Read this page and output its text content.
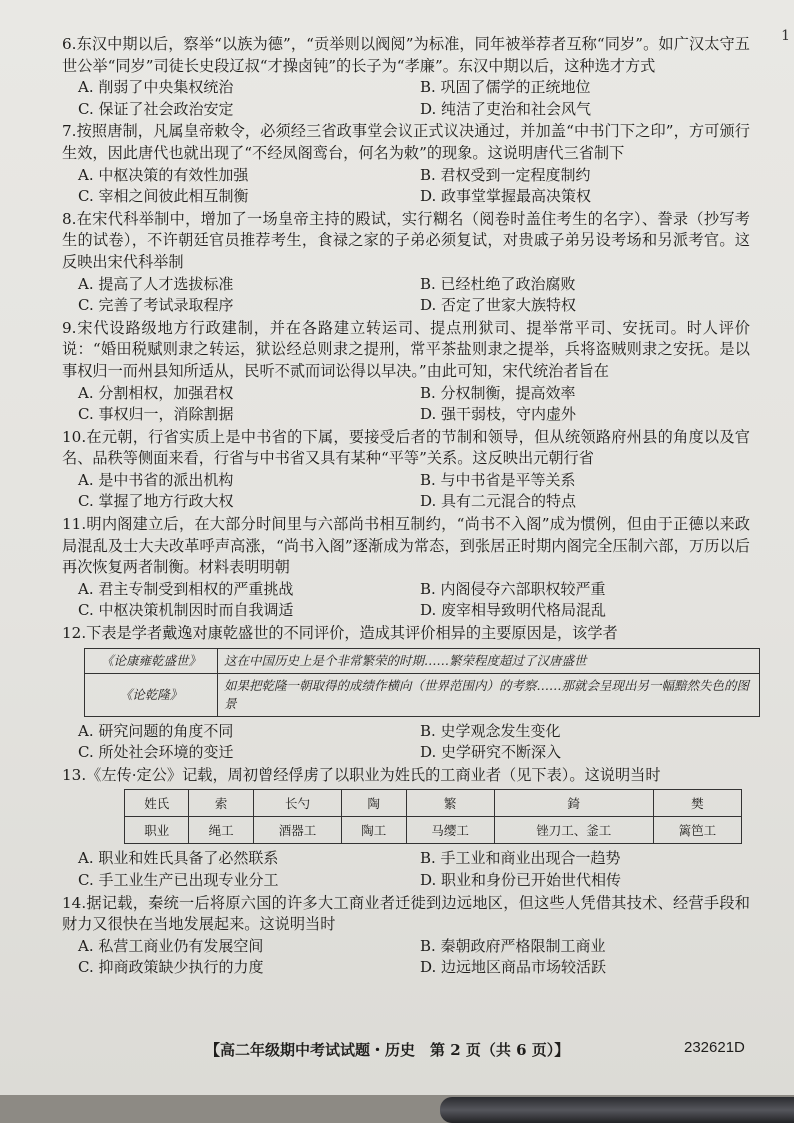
1

6.东汉中期以后，察举“以族为德”，“贡举则以阀阅”为标准，同年被举荐者互称“同岁”。如广汉太守五世公举“同岁”司徒长史段辽叔“才操卤钝”的长子为“孝廉”。东汉中期以后，这种选才方式

A. 削弱了中央集权统治	B. 巩固了儒学的正统地位
C. 保证了社会政治安定	D. 纯洁了吏治和社会风气

7.按照唐制，凡属皇帝敕令，必须经三省政事堂会议正式议决通过，并加盖“中书门下之印”，方可颁行生效，因此唐代也就出现了“不经凤阁鸾台，何名为敕”的现象。这说明唐代三省制下

A. 中枢决策的有效性加强	B. 君权受到一定程度制约
C. 宰相之间彼此相互制衡	D. 政事堂掌握最高决策权

8.在宋代科举制中，增加了一场皇帝主持的殿试，实行糊名（阅卷时盖住考生的名字）、誊录（抄写考生的试卷），不许朝廷官员推荐考生，食禄之家的子弟必须复试，对贵戚子弟另设考场和另派考官。这反映出宋代科举制

A. 提高了人才选拔标准	B. 已经杜绝了政治腐败
C. 完善了考试录取程序	D. 否定了世家大族特权

9.宋代设路级地方行政建制，并在各路建立转运司、提点刑狱司、提举常平司、安抚司。时人评价说：“婚田税赋则隶之转运，狱讼经总则隶之提刑，常平茶盐则隶之提举，兵将盗贼则隶之安抚。是以事权归一而州县知所适从，民听不贰而词讼得以早决。”由此可知，宋代统治者旨在

A. 分割相权，加强君权	B. 分权制衡，提高效率
C. 事权归一，消除割据	D. 强干弱枝，守内虚外

10.在元朝，行省实质上是中书省的下属，要接受后者的节制和领导，但从统领路府州县的角度以及官名、品秩等侧面来看，行省与中书省又具有某种“平等”关系。这反映出元朝行省

A. 是中书省的派出机构	B. 与中书省是平等关系
C. 掌握了地方行政大权	D. 具有二元混合的特点

11.明内阁建立后，在大部分时间里与六部尚书相互制约，“尚书不入阁”成为惯例，但由于正德以来政局混乱及士大夫改革呼声高涨，“尚书入阁”逐渐成为常态，到张居正时期内阁完全压制六部，万历以后再次恢复两者制衡。材料表明明朝

A. 君主专制受到相权的严重挑战	B. 内阁侵夺六部职权较严重
C. 中枢决策机制因时而自我调适	D. 废宰相导致明代格局混乱

12.下表是学者戴逸对康乾盛世的不同评价，造成其评价相异的主要原因是，该学者

《论康雍乾盛世》	这在中国历史上是个非常繁荣的时期……繁荣程度超过了汉唐盛世
《论乾隆》	如果把乾隆一朝取得的成绩作横向（世界范围内）的考察……那就会呈现出另一幅黯然失色的图景
A. 研究问题的角度不同	B. 史学观念发生变化
C. 所处社会环境的变迁	D. 史学研究不断深入

13.《左传·定公》记载，周初曾经俘虏了以职业为姓氏的工商业者（见下表）。这说明当时

姓氏	索	长勺	陶	繁	錡	樊
职业	绳工	酒器工	陶工	马缨工	锉刀工、釜工	篱笆工
A. 职业和姓氏具备了必然联系	B. 手工业和商业出现合一趋势
C. 手工业生产已出现专业分工	D. 职业和身份已开始世代相传

14.据记载，秦统一后将原六国的许多大工商业者迁徙到边远地区，但这些人凭借其技术、经营手段和财力又很快在当地发展起来。这说明当时

A. 私营工商业仍有发展空间	B. 秦朝政府严格限制工商业
C. 抑商政策缺少执行的力度	D. 边远地区商品市场较活跃
【高二年级期中考试试题・历史　第 2 页（共 6 页）】	232621D
